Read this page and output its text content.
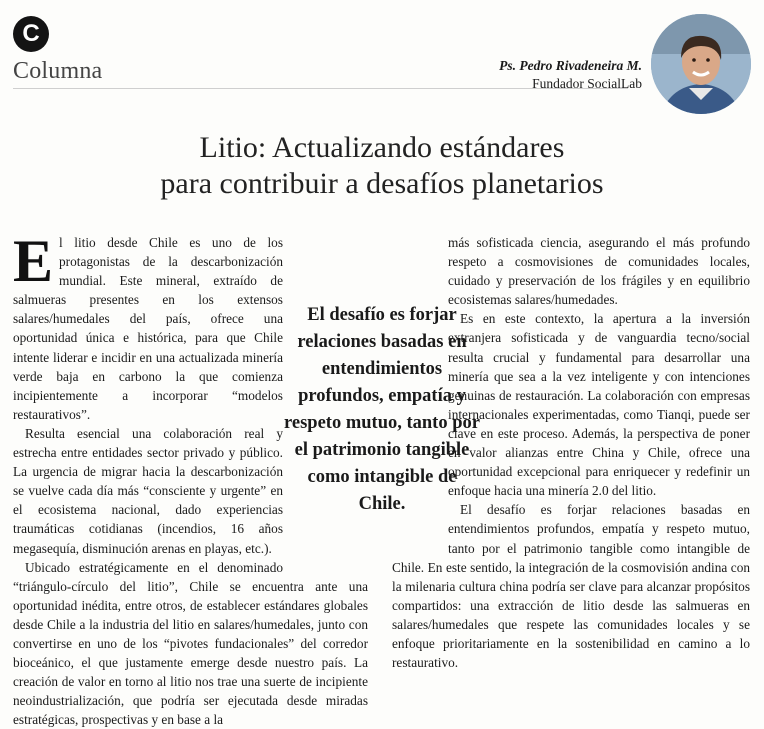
C
Columna	Ps. Pedro Rivadeneira M.
Fundador SocialLab
Litio: Actualizando estándares
para contribuir a desafíos planetarios

El litio desde Chile es uno de los protagonistas de la descarbonización mundial. Este mineral, extraído de salmueras presentes en los extensos salares/humedales del país, ofrece una oportunidad única e histórica, para que Chile intente liderar e incidir en una actualizada minería verde baja en carbono la que comienza incipientemente a incorporar “modelos restaurativos”.

Resulta esencial una colaboración real y estrecha entre entidades sector privado y público. La urgencia de migrar hacia la descarbonización se vuelve cada día más “consciente y urgente” en el ecosistema nacional, dado experiencias traumáticas cotidianas (incendios, 16 años megasequía, disminución arenas en playas, etc.).

Ubicado estratégicamente en el denominado “triángulo-círculo del litio”, Chile se encuentra ante una oportunidad inédita, entre otros, de establecer estándares globales desde Chile a la industria del litio en salares/humedales, junto con convertirse en uno de los “pivotes fundacionales” del corredor bioceánico, el que justamente emerge desde nuestro país. La creación de valor en torno al litio nos trae una suerte de incipiente neoindustrialización, que podría ser ejecutada desde miradas estratégicas, prospectivas y en base a la

más sofisticada ciencia, asegurando el más profundo respeto a cosmovisiones de comunidades locales, cuidado y preservación de los frágiles y en equilibrio ecosistemas salares/humedades.

Es en este contexto, la apertura a la inversión extranjera sofisticada y de vanguardia tecno/social resulta crucial y fundamental para desarrollar una minería que sea a la vez inteligente y con intenciones genuinas de restauración. La colaboración con empresas internacionales experimentadas, como Tianqi, puede ser clave en este proceso. Además, la perspectiva de poner en valor alianzas entre China y Chile, ofrece una oportunidad excepcional para enriquecer y redefinir un enfoque hacia una minería 2.0 del litio.

El desafío es forjar relaciones basadas en entendimientos profundos, empatía y respeto mutuo, tanto por el patrimonio tangible como intangible de Chile. En este sentido, la integración de la cosmovisión andina con la milenaria cultura china podría ser clave para alcanzar propósitos compartidos: una extracción de litio desde las salmueras en salares/humedales que respete las comunidades locales y se enfoque prioritariamente en la sostenibilidad en camino a lo restaurativo.

El desafío es forjar relaciones basadas en entendimientos profundos, empatía y respeto mutuo, tanto por el patrimonio tangible como intangible de Chile.
